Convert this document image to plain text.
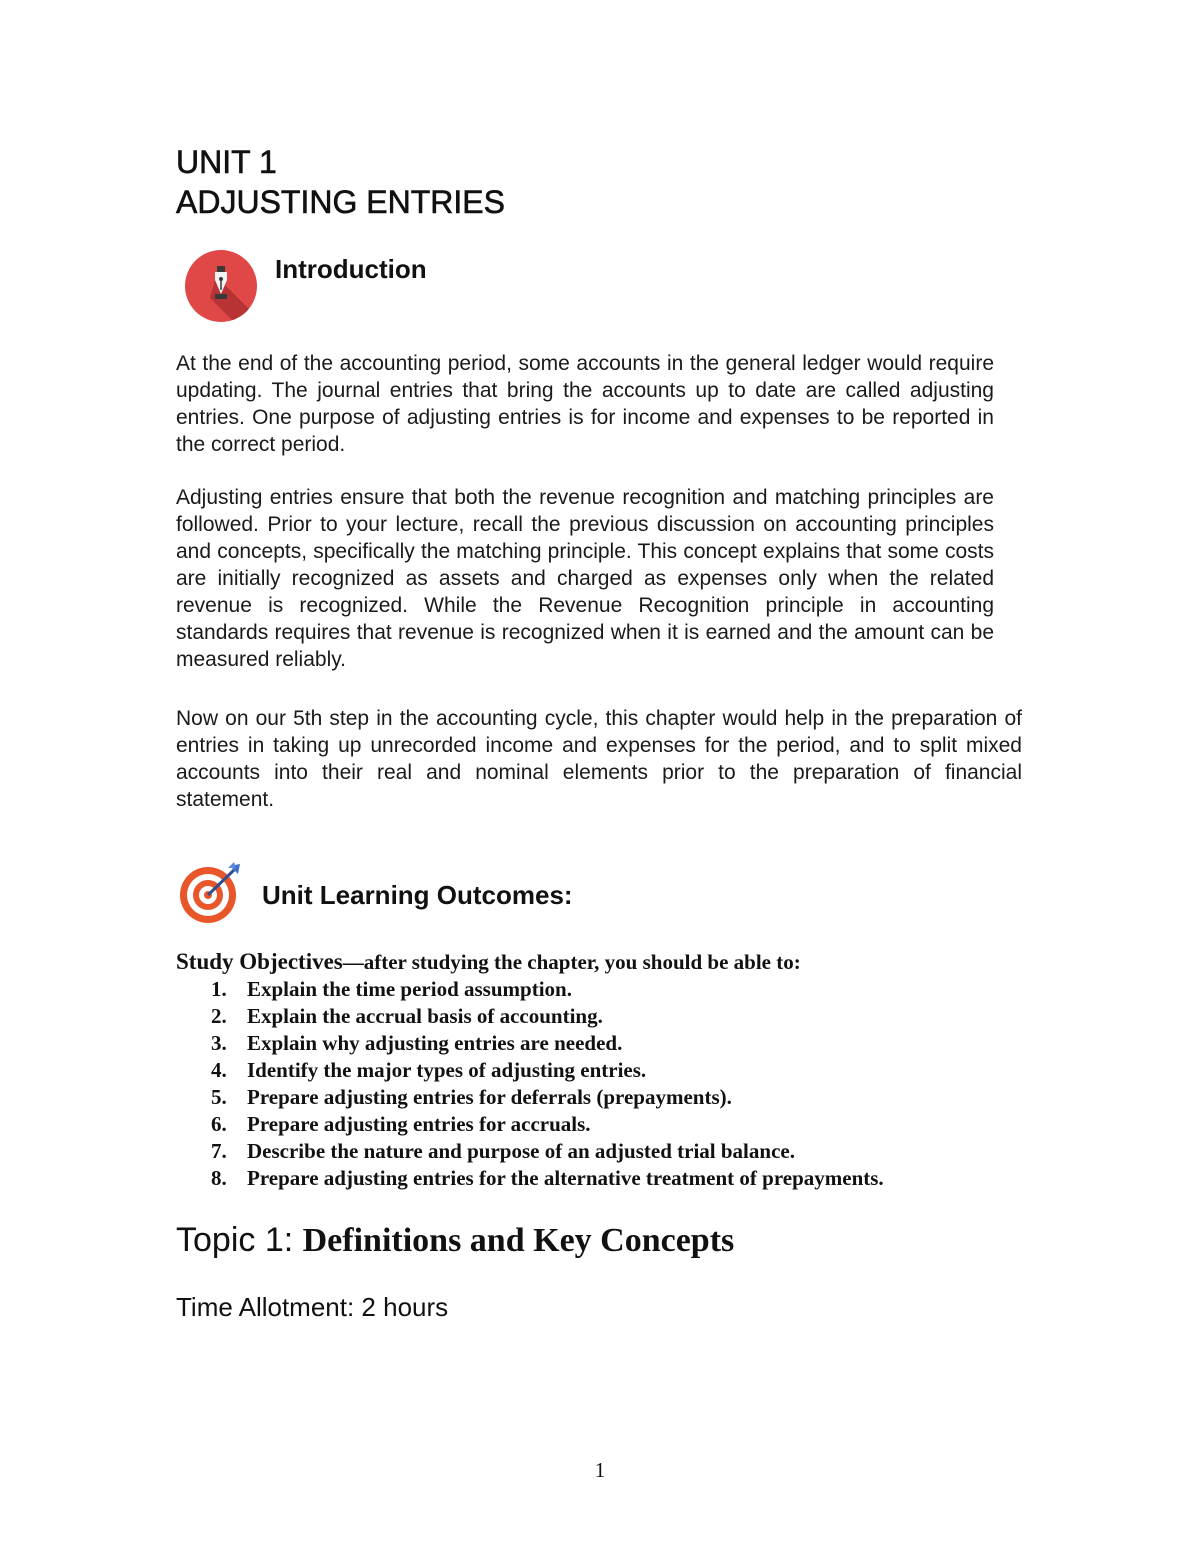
UNIT 1
ADJUSTING ENTRIES
Introduction

At the end of the accounting period, some accounts in the general ledger would require updating. The journal entries that bring the accounts up to date are called adjusting entries. One purpose of adjusting entries is for income and expenses to be reported in the correct period.

Adjusting entries ensure that both the revenue recognition and matching principles are followed. Prior to your lecture, recall the previous discussion on accounting principles and concepts, specifically the matching principle. This concept explains that some costs are initially recognized as assets and charged as expenses only when the related revenue is recognized. While the Revenue Recognition principle in accounting standards requires that revenue is recognized when it is earned and the amount can be measured reliably.

Now on our 5th step in the accounting cycle, this chapter would help in the preparation of entries in taking up unrecorded income and expenses for the period, and to split mixed accounts into their real and nominal elements prior to the preparation of financial statement.

Unit Learning Outcomes:
Study Objectives—after studying the chapter, you should be able to:
1. Explain the time period assumption.
2. Explain the accrual basis of accounting.
3. Explain why adjusting entries are needed.
4. Identify the major types of adjusting entries.
5. Prepare adjusting entries for deferrals (prepayments).
6. Prepare adjusting entries for accruals.
7. Describe the nature and purpose of an adjusted trial balance.
8. Prepare adjusting entries for the alternative treatment of prepayments.
Topic 1: Definitions and Key Concepts
Time Allotment: 2 hours
1
